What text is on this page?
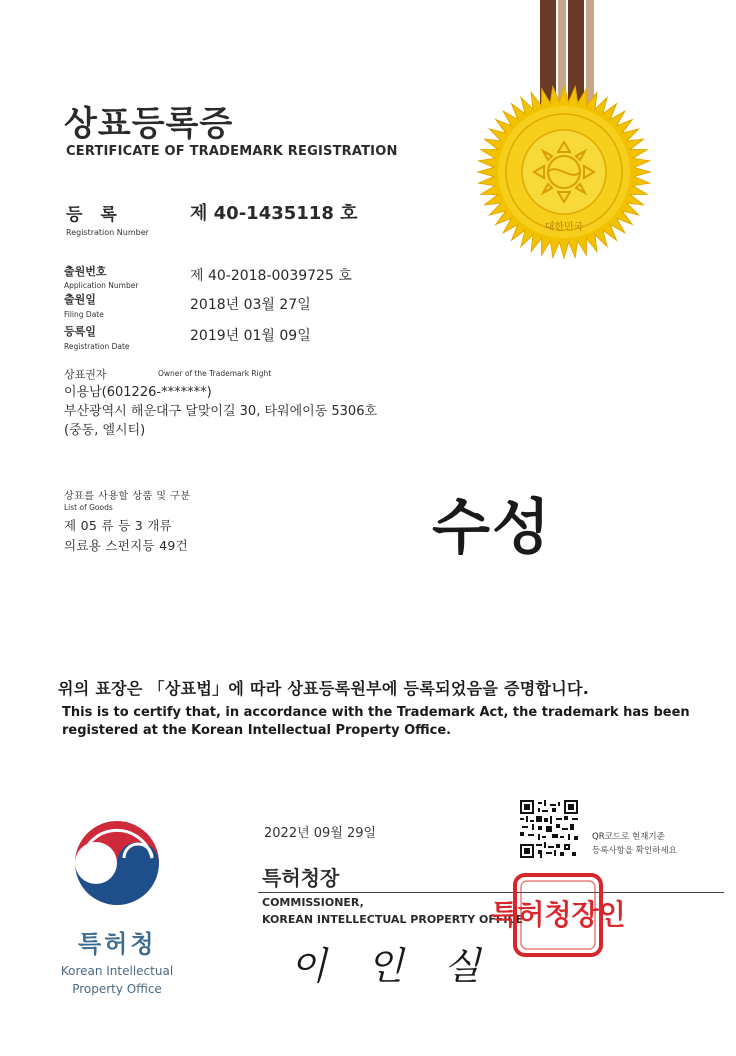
상표등록증
CERTIFICATE OF TRADEMARK REGISTRATION
대한민국
등 록
Registration Number
제 40-1435118 호
출원번호
Application Number
제 40-2018-0039725 호
출원일
Filing Date
2018년 03월 27일
등록일
Registration Date
2019년 01월 09일
상표권자	Owner of the Trademark Right
이용남(601226-*******)
부산광역시 해운대구 달맞이길 30, 타워에이동 5306호
(중동, 엘시티)
상표를 사용할 상품 및 구분
List of Goods
제 05 류 등 3 개류
의료용 스펀지등 49건	수성
위의 표장은 「상표법」에 따라 상표등록원부에 등록되었음을 증명합니다.
This is to certify that, in accordance with the Trademark Act, the trademark has been registered at the Korean Intellectual Property Office.
특허청
Korean Intellectual
Property Office
2022년 09월 29일	QR코드로 현재기준
등록사항을 확인하세요
특허청장
COMMISSIONER,
KOREAN INTELLECTUAL PROPERTY OFFICE
이 인 실
특허청장인
